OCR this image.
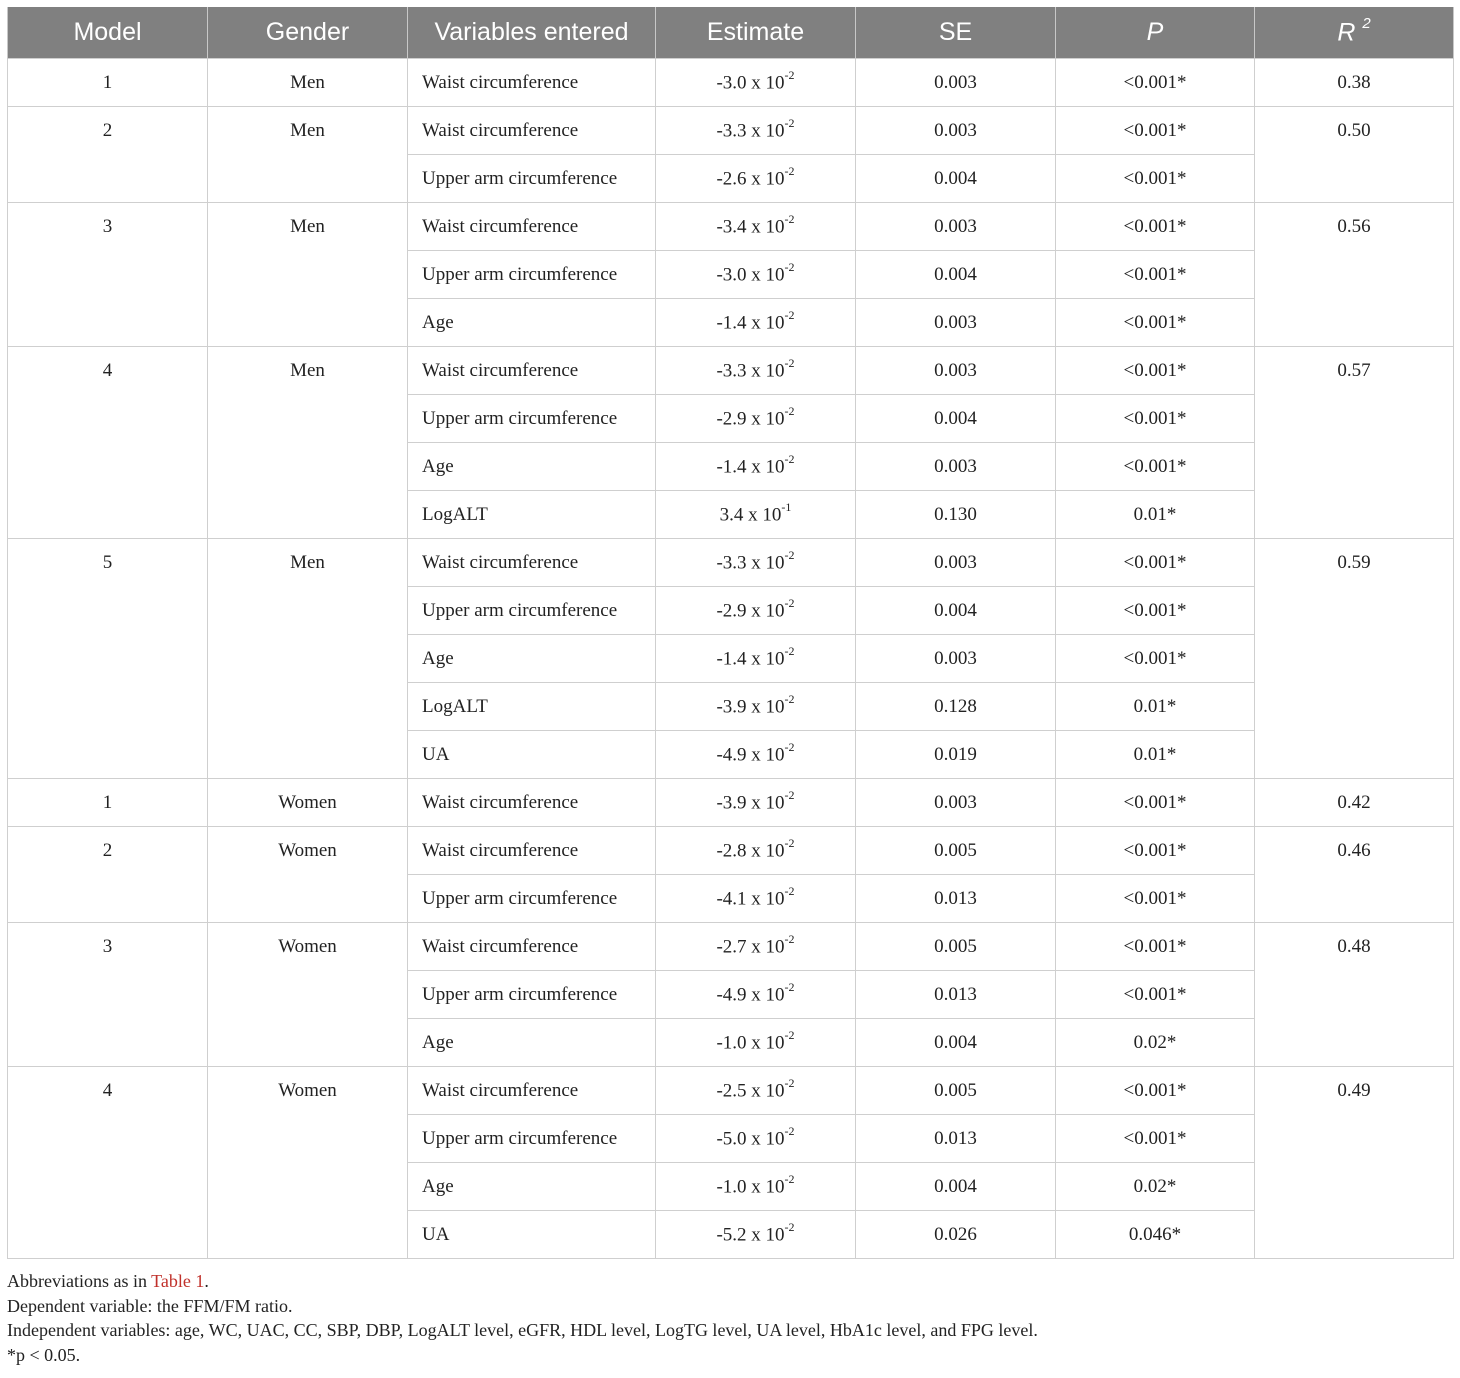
Model	Gender	Variables entered	Estimate	SE	P	R $^2$
1	Men	Waist circumference	-3.0 x $10^{-2}$	0.003	<0.001*	0.38
2	Men	Waist circumference	-3.3 x $10^{-2}$	0.003	<0.001*	0.50
		Upper arm circumference	-2.6 x $10^{-2}$	0.004	<0.001*	
3	Men	Waist circumference	-3.4 x $10^{-2}$	0.003	<0.001*	0.56
		Upper arm circumference	-3.0 x $10^{-2}$	0.004	<0.001*	
		Age	-1.4 x $10^{-2}$	0.003	<0.001*	
4	Men	Waist circumference	-3.3 x $10^{-2}$	0.003	<0.001*	0.57
		Upper arm circumference	-2.9 x $10^{-2}$	0.004	<0.001*	
		Age	-1.4 x $10^{-2}$	0.003	<0.001*	
		LogALT	3.4 x $10^{-1}$	0.130	0.01*	
5	Men	Waist circumference	-3.3 x $10^{-2}$	0.003	<0.001*	0.59
		Upper arm circumference	-2.9 x $10^{-2}$	0.004	<0.001*	
		Age	-1.4 x $10^{-2}$	0.003	<0.001*	
		LogALT	-3.9 x $10^{-2}$	0.128	0.01*	
		UA	-4.9 x $10^{-2}$	0.019	0.01*	
1	Women	Waist circumference	-3.9 x $10^{-2}$	0.003	<0.001*	0.42
2	Women	Waist circumference	-2.8 x $10^{-2}$	0.005	<0.001*	0.46
		Upper arm circumference	-4.1 x $10^{-2}$	0.013	<0.001*	
3	Women	Waist circumference	-2.7 x $10^{-2}$	0.005	<0.001*	0.48
		Upper arm circumference	-4.9 x $10^{-2}$	0.013	<0.001*	
		Age	-1.0 x $10^{-2}$	0.004	0.02*	
4	Women	Waist circumference	-2.5 x $10^{-2}$	0.005	<0.001*	0.49
		Upper arm circumference	-5.0 x $10^{-2}$	0.013	<0.001*	
		Age	-1.0 x $10^{-2}$	0.004	0.02*	
		UA	-5.2 x $10^{-2}$	0.026	0.046*	
Abbreviations as in Table 1.
Dependent variable: the FFM/FM ratio.
Independent variables: age, WC, UAC, CC, SBP, DBP, LogALT level, eGFR, HDL level, LogTG level, UA level, HbA1c level, and FPG level.
*p < 0.05.
